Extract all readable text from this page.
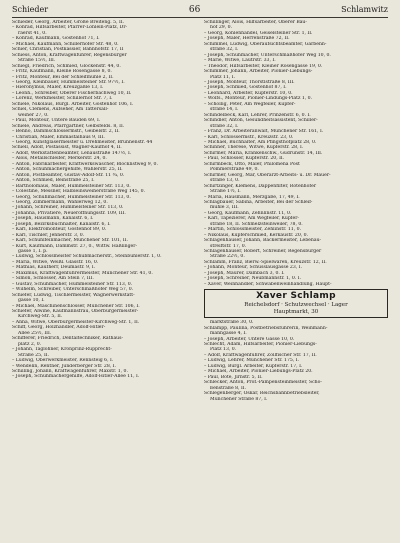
Schieder	66	Schlamwitz
Schieder, Georg, Arbeiter, Große Breiteng. 5, II.
– Konrad, Hilfsarbeiter, Pfarrer-Löhlein-Platz, Dr-
raerst 41, 0.
– Konrad, Kaufmann, Gostenhof 71, I.
– Michael, Kaufmann, Schillerhofer Str. 48, 0.
Schier, Christian, Postkassier, Bahnhofstr. 17, II
Schiess, Anton, Kraftwagenführer, Regensburger
Straße 15½, III.
Schiegl, Friedrich, Schmied, Glöckenstr. 44, 0.
– Fritz, Kaufmann, Kleine Rosengasse 8, 0.
– Fritz, Monteur, Bei der Schleifmühle 2, II.
– Georg, Kleinbauer, Hummelsteiner Str. 97½, I.
– Hieronymus, Maler, Kreuzgäßle 13, I.
– Leonh., Schreiber, Oberer Fischerbachweg 10, II.
– Lorenz, Werkmeister, Schillerhof Str. 7, I.
Schiele, Nikolaus, Bürgl. Arbeiter, Gostenhof 106, I.
Schiel, Clemens, Aufseher, Am Tattersall-
weiher 27, 0.
– Paul, Monteur, Untere Bauden 69, I.
Schiele, Andreas, Pfarrgärtner, Gelbsfelds. 8, II.
– Benno, Dammschlossermstr., Geibelstr. 2, II.
– Christian, Maler, Emmastalhaus 9, III.
– Georg, Kunstglasermeister u. Drehmeister, Brunnenstr. 44
Schiell, Adolf, Postassist, Wagner-Kaufhof 4, II.
– Adolf, Werkstättenbeamter, Lenaustraße 147½, I.
– Alois, Metallschleifer, Merkerstr. 24, 0.
– Anton, Fabrikarbeiter, Kraftwerkswäscher, Blocklistweg 9, 0.
– Anton, Schuhmachergehilfe, Wählerstr. 25, II.
– Anton, Postbeamter, Gustav-Adolf-Str. 11 ¾, 0.
– Anton, Schmied, Beinstraße 25, I.
– Bartholomäus, Maler, Hummelsteiner Str. 113, 0.
– Cölestine, Messner, Halbleinsweiherstraße Weg 145, 0.
– Georg, Schuhmacher, Hummelsteiner Str. 113, 0.
– Georg, Zimmermann, Wählerweg 12, 0.
– Johann, Schreiner, Hummelsteiner Str. 113, 0.
– Johanna, Privatiere, Neueröffnungsstr. 109, III.
– Joseph, Hausmann, Kanalstr. 6, I.
– Joseph, Bezirksbuchhalter, Kanalstr. 6, I.
– Karl, Elektromonteur, Gostenhof 89, 0.
– Karl, Tischler, Jennerstr. 3, 0.
– Karl, Schuhlfeinmacher, Münchener Str. 101, II.
– Kurt, Kaufmann, Dammstr. 27, 0., Wittw. Haßlinger-
gasse 1, I. p.
– Ludwig, Schlossmeister Schubmacherstr., Steinbühlerstr. 1, 0.
– Maria, Witwe, Weißl. Glasstr. 16, 0.
– Mathias, Kaufherr, Deumastr. 9, I.
– Maximus, Kraftwagenführermeister, Münchener Str. 41, 0.
– Simon, Schlosser, Am Stein 7, III.
– Gustav, Schuhmacher, Hummelsteiner Str. 113, 0.
– Wilhelm, Schreiber, Unterschmaßhofer Weg 57, 0.
Schiefer, Ludwig, Tischlermeister, Wagnerwerkstatt-
gasse 10, I.
– Michael, Maschinenschlosser, Münchener Str. 106, I.
Schiefer, Alwine, Kaufmannsfrau, Oberbürgermeister-
Kirchweg-Str. 5, II.
– Anna, Witwe, Oberbürgermeister-Kirchweg-Str. 1, II.
Schiff, Georg, Holzhändler, Adolf-Hitler-
Allee 25½, III.
Schifferer, Friedrich, Dentaltechniker, Rathaus-
platz 2, 0.
– Johann, Taglöhner, Kronprinz-Rupprecht-
Straße 25, II.
– Ludwig, Oberwerkmeister, Rennsteig 6, I.
– Wendelin, Rentner, Jünderberger Str. 28, I.
Schilling, Johann, Kraftwagenführer, Maxstr. 1, 0.
– Joseph, Schuhmachergehilfe, Adolf-Hitler-Allee 11, I.
Schillinger, Alois, Hilfsarbeiter, Oberer Bau-
hof 29, 0.
– Georg, Kohlenhändel, Geiselsteiner Str. 1, II.
– Joseph, Maler, Herrenstraße 72, II.
Schimmel, Ludwig, Oberaufsichtsbeamter, Garbenn-
straße 32, I.
– Joseph, Schuhmacher, Unterschmaßhofer Weg 10, 0.
– Marie, Witwe, Lautrstr. 33, I.
– Theodor, Hilfsarbeiter, Kleiner Rosengasse 19, 0.
Schimmer, Johann, Arbeiter, Pionier-Liebungs-
Platz 11, I.
– Joseph, Monteur, Thorstlstraße 8, III.
– Joseph, Schmied, Gostenhof 87, I.
– Leonhard, Arbeiter, Kupferstr. 10, 0.
– Wolfs., Monteur, Pionier-Lindungs-Platz 1, 0.
– Schöllig, Peter, Am Wegfeiler, Kupfer-
straße 14, I.
Schindelbeck, Karl, Lehrer, Prinzenstr. 6, 0. I.
Schindler, Anton, Gesundheitsassistent, Schiller-
straße 32, I.
– Franz, Dr. Arbeiteranwalt, Münchener Str. 161, I.
– Karl, Schlossermstr., Kreuzstr. 23, 0.
– Michael, Buchhalter, Am Pfingsthofplatz 28, 0.
Schinner, Therese, Witwe, Kupferstr. 28, I.
Schirmer, Maria, Krankenschw., Gudrunstr. 14, III.
– Paul, Schlosser, Kupferstr. 20, II.
Schirmbeck, Otto, Maler, Philomena Post
Pommerstraße 49, 0.
Schirmer, Georg, Mar, Oberarzt-Arbeits- u. Dr. Mauer-
straße 13, 0.
Schirtzinger, Klemens, Dappenfilter, Rotenhofer
Straße 1½, I.
– Maria, Hausmann, Merzgaße, 17, 49, I.
Schlagbauer, Sabina, Arbeiter, Bei der Schleif-
mühle 3, III.
– Georg, Kaufmann, Zehnlinstr. 11, 0.
– Karl, Tapezierer, Am Wegfeiler, Kupfer-
straße 18, II. Schmelzsteinweiler, 78, 0.
– Martin, Schlossmeister, Zehlinstr. 11, 0.
– Nikolaus, Kupferschmied, Kerkaustr. 20, 0.
Schlagenhauser, Johann, Bäckermeister, Lebenau-
streiftstr. 17, 0.
Schlagenhauser, Robert, Schreiner, Regensburger
Straße 22½, 0.
Schlamm, Franz, Bierw.-Spielwaren, Kreuzstr. 12, II.
– Johann, Monteur, Schusslausgasse 23, I.
– Joseph, Maurer, Dambach 3, 0. I.
– Joseph, Schreiner, Neubmannstr. 1, 0. I.
– Xaver, Weinhändler, Schwabenweinhandlung, Haupt-
Xaver Schlamp
Reichelsdorf · Schutzwechsel · Lager
Hauptmarkt, 30
marktstraße 30, 0.
Schlampp, Paulina, Postbetriebsführerin, Weinmann-
manngasse 4, I.
– Joseph, Arbeiter, Untere Gasse 10, 0.
Schlecht, Adam, Hilfsarbeiter, Pionier-Liebungs-
Platz 13, 0.
– Adolf, Kraftwagenführer, Zollfischer Str. 17, II.
– Ludwig, Lehrer, Münchener Str. 175, I.
– Ludwig, Bürgl. Arbeiter, Kupferstr. 17, I.
– Michael, Arbeiter, Pionier-Liebungs-Platz 20.
– Paul, Bote, Jirnstr. 5, II.
Schlecker, Anton, Prof.-Pampensteinmeister, Scho-
ßenstraße 8, II.
Schlegenberger, Oskar, Reichsbahnbetriebsleiter,
Münchener Straße 87, I.
